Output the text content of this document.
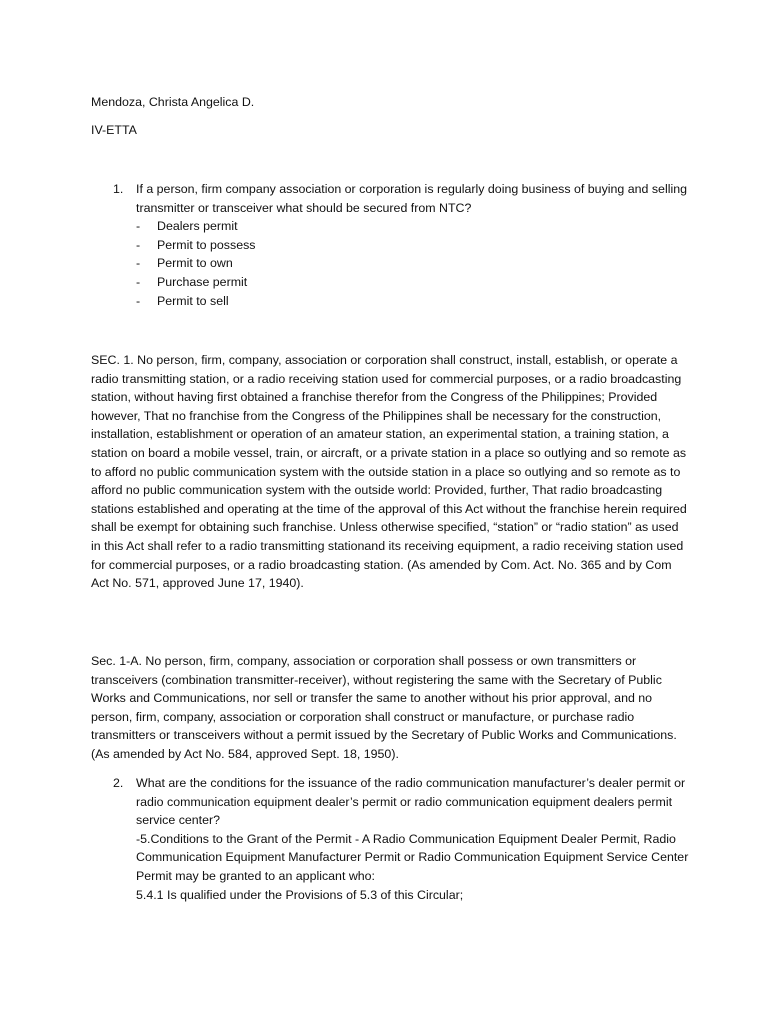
Mendoza, Christa Angelica D.

IV-ETTA

1. If a person, firm company association or corporation is regularly doing business of buying and selling transmitter or transceiver what should be secured from NTC?
- Dealers permit
- Permit to possess
- Permit to own
- Purchase permit
- Permit to sell

SEC. 1. No person, firm, company, association or corporation shall construct, install, establish, or operate a radio transmitting station, or a radio receiving station used for commercial purposes, or a radio broadcasting station, without having first obtained a franchise therefor from the Congress of the Philippines; Provided however, That no franchise from the Congress of the Philippines shall be necessary for the construction, installation, establishment or operation of an amateur station, an experimental station, a training station, a station on board a mobile vessel, train, or aircraft, or a private station in a place so outlying and so remote as to afford no public communication system with the outside station in a place so outlying and so remote as to afford no public communication system with the outside world: Provided, further, That radio broadcasting stations established and operating at the time of the approval of this Act without the franchise herein required shall be exempt for obtaining such franchise. Unless otherwise specified, “station” or “radio station” as used in this Act shall refer to a radio transmitting stationand its receiving equipment, a radio receiving station used for commercial purposes, or a radio broadcasting station. (As amended by Com. Act. No. 365 and by Com Act No. 571, approved June 17, 1940).

Sec. 1-A. No person, firm, company, association or corporation shall possess or own transmitters or transceivers (combination transmitter-receiver), without registering the same with the Secretary of Public Works and Communications, nor sell or transfer the same to another without his prior approval, and no person, firm, company, association or corporation shall construct or manufacture, or purchase radio transmitters or transceivers without a permit issued by the Secretary of Public Works and Communications. (As amended by Act No. 584, approved Sept. 18, 1950).

2. What are the conditions for the issuance of the radio communication manufacturer’s dealer permit or radio communication equipment dealer’s permit or radio communication equipment dealers permit service center?
-5.Conditions to the Grant of the Permit - A Radio Communication Equipment Dealer Permit, Radio Communication Equipment Manufacturer Permit or Radio Communication Equipment Service Center Permit may be granted to an applicant who:
5.4.1 Is qualified under the Provisions of 5.3 of this Circular;
